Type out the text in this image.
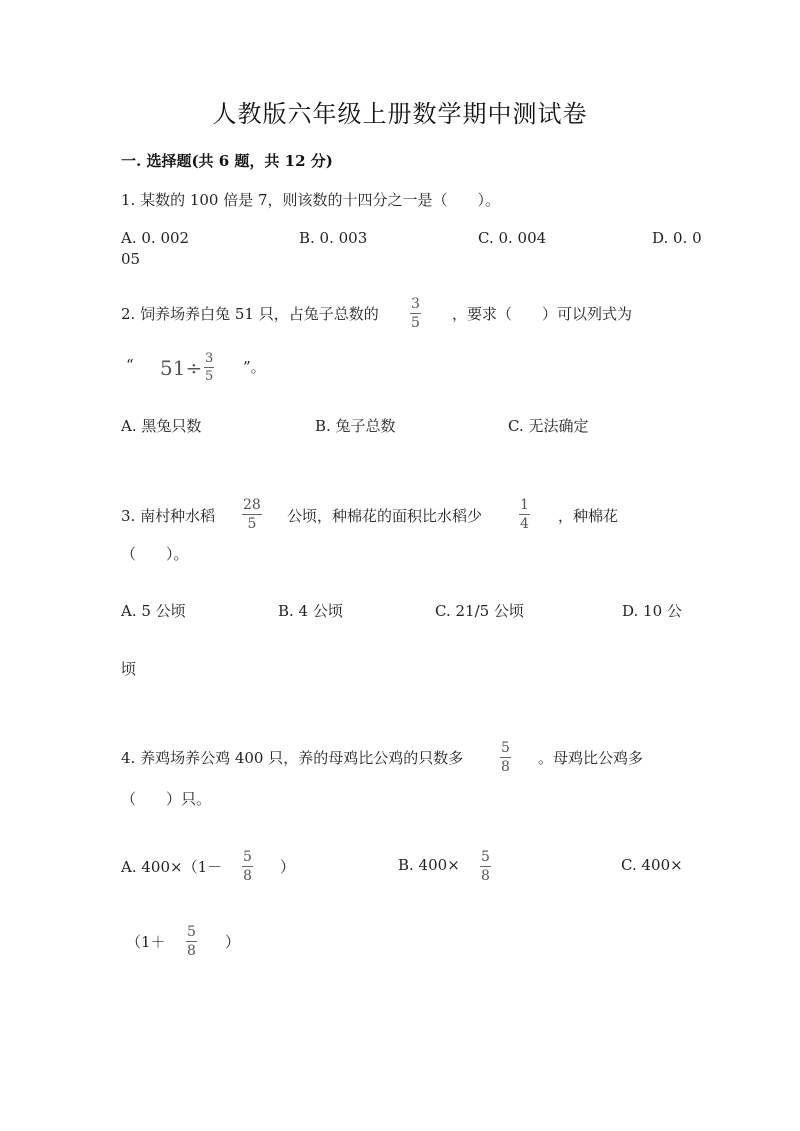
人教版六年级上册数学期中测试卷
一. 选择题(共 6 题，共 12 分)
1. 某数的 100 倍是 7，则该数的十四分之一是（　　）。
A. 0. 002	B. 0. 003	C. 0. 004	D. 0. 0
05
2. 饲养场养白兔 51 只，占兔子总数的
3
5 ，要求（　　）可以列式为
“ 51÷ 3
5
”。
A. 黑兔只数	B. 兔子总数	C. 无法确定
3. 南村种水稻
28
5 公顷，种棉花的面积比水稻少
1
4 ，种棉花
（　　）。
A. 5 公顷	B. 4 公顷	C. 21/5 公顷	D. 10 公
顷
4. 养鸡场养公鸡 400 只，养的母鸡比公鸡的只数多
5
8 。母鸡比公鸡多
（　　）只。
A. 400×（1－
5
8 ）	B. 400× 5
8
C. 400×
（1＋
5
8 ）
